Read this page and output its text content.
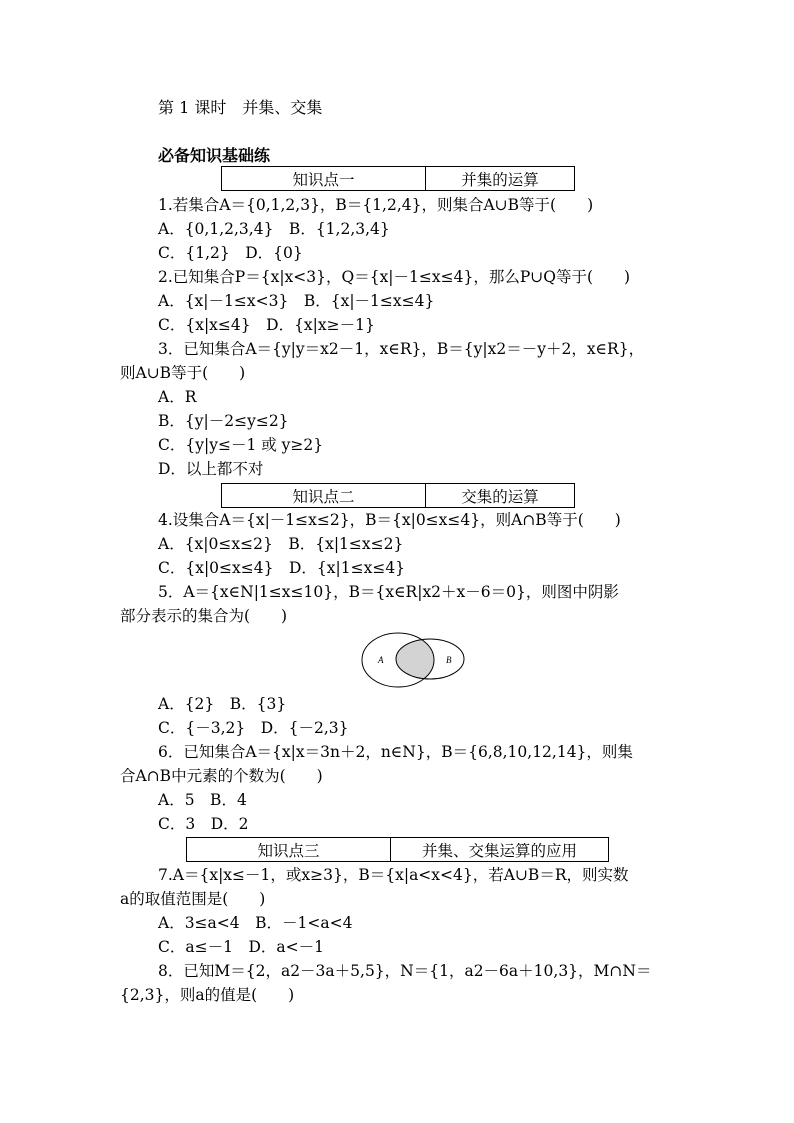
第 1 课时　并集、交集
必备知识基础练
知识点一	并集的运算
1.若集合A＝{0,1,2,3}，B＝{1,2,4}，则集合A∪B等于(　　)
A．{0,1,2,3,4}　B．{1,2,3,4}
C．{1,2}　D．{0}
2.已知集合P＝{x|x<3}，Q＝{x|－1≤x≤4}，那么P∪Q等于(　　)
A．{x|－1≤x<3}　B．{x|－1≤x≤4}
C．{x|x≤4}　D．{x|x≥－1}
3．已知集合A＝{y|y＝x2－1，x∈R}，B＝{y|x2＝－y＋2，x∈R}，
则A∪B等于(　　)
A．R
B．{y|－2≤y≤2}
C．{y|y≤－1 或 y≥2}
D．以上都不对
知识点二	交集的运算
4.设集合A＝{x|－1≤x≤2}，B＝{x|0≤x≤4}，则A∩B等于(　　)
A．{x|0≤x≤2}　B．{x|1≤x≤2}
C．{x|0≤x≤4}　D．{x|1≤x≤4}
5．A＝{x∈N|1≤x≤10}，B＝{x∈R|x2＋x－6＝0}，则图中阴影
部分表示的集合为(　　)
A	B
A．{2}　B．{3}
C．{－3,2}　D．{－2,3}
6．已知集合A＝{x|x＝3n＋2，n∈N}，B＝{6,8,10,12,14}，则集
合A∩B中元素的个数为(　　)
A．5　B．4
C．3　D．2
知识点三	并集、交集运算的应用
7.A＝{x|x≤－1，或x≥3}，B＝{x|a<x<4}，若A∪B＝R，则实数
a的取值范围是(　　)
A．3≤a<4　B．－1<a<4
C．a≤－1　D．a<－1
8．已知M＝{2，a2－3a＋5,5}，N＝{1，a2－6a＋10,3}，M∩N＝
{2,3}，则a的值是(　　)
